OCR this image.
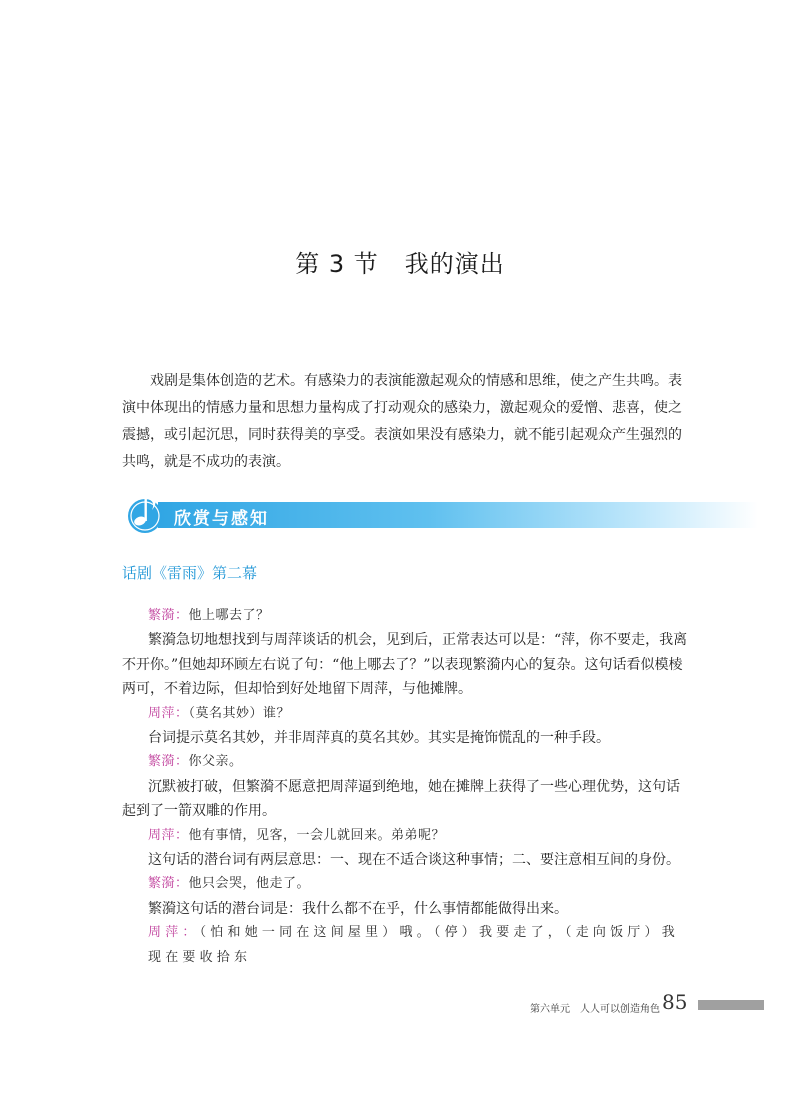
第 3 节 我的演出

戏剧是集体创造的艺术。有感染力的表演能激起观众的情感和思维，使之产生共鸣。表演中体现出的情感力量和思想力量构成了打动观众的感染力，激起观众的爱憎、悲喜，使之震撼，或引起沉思，同时获得美的享受。表演如果没有感染力，就不能引起观众产生强烈的共鸣，就是不成功的表演。

欣赏与感知
话剧《雷雨》第二幕
繁漪：他上哪去了？
繁漪急切地想找到与周萍谈话的机会，见到后，正常表达可以是：“萍，你不要走，我离不开你。”但她却环顾左右说了句：“他上哪去了？”以表现繁漪内心的复杂。这句话看似模棱两可，不着边际，但却恰到好处地留下周萍，与他摊牌。
周萍：（莫名其妙）谁？
台词提示莫名其妙，并非周萍真的莫名其妙。其实是掩饰慌乱的一种手段。
繁漪：你父亲。
沉默被打破，但繁漪不愿意把周萍逼到绝地，她在摊牌上获得了一些心理优势，这句话起到了一箭双雕的作用。
周萍：他有事情，见客，一会儿就回来。弟弟呢？
这句话的潜台词有两层意思：一、现在不适合谈这种事情；二、要注意相互间的身份。
繁漪：他只会哭，他走了。
繁漪这句话的潜台词是：我什么都不在乎，什么事情都能做得出来。
周萍：（怕和她一同在这间屋里）哦。（停）我要走了，（走向饭厅）我现在要收拾东
第六单元　人人可以创造角色 85
